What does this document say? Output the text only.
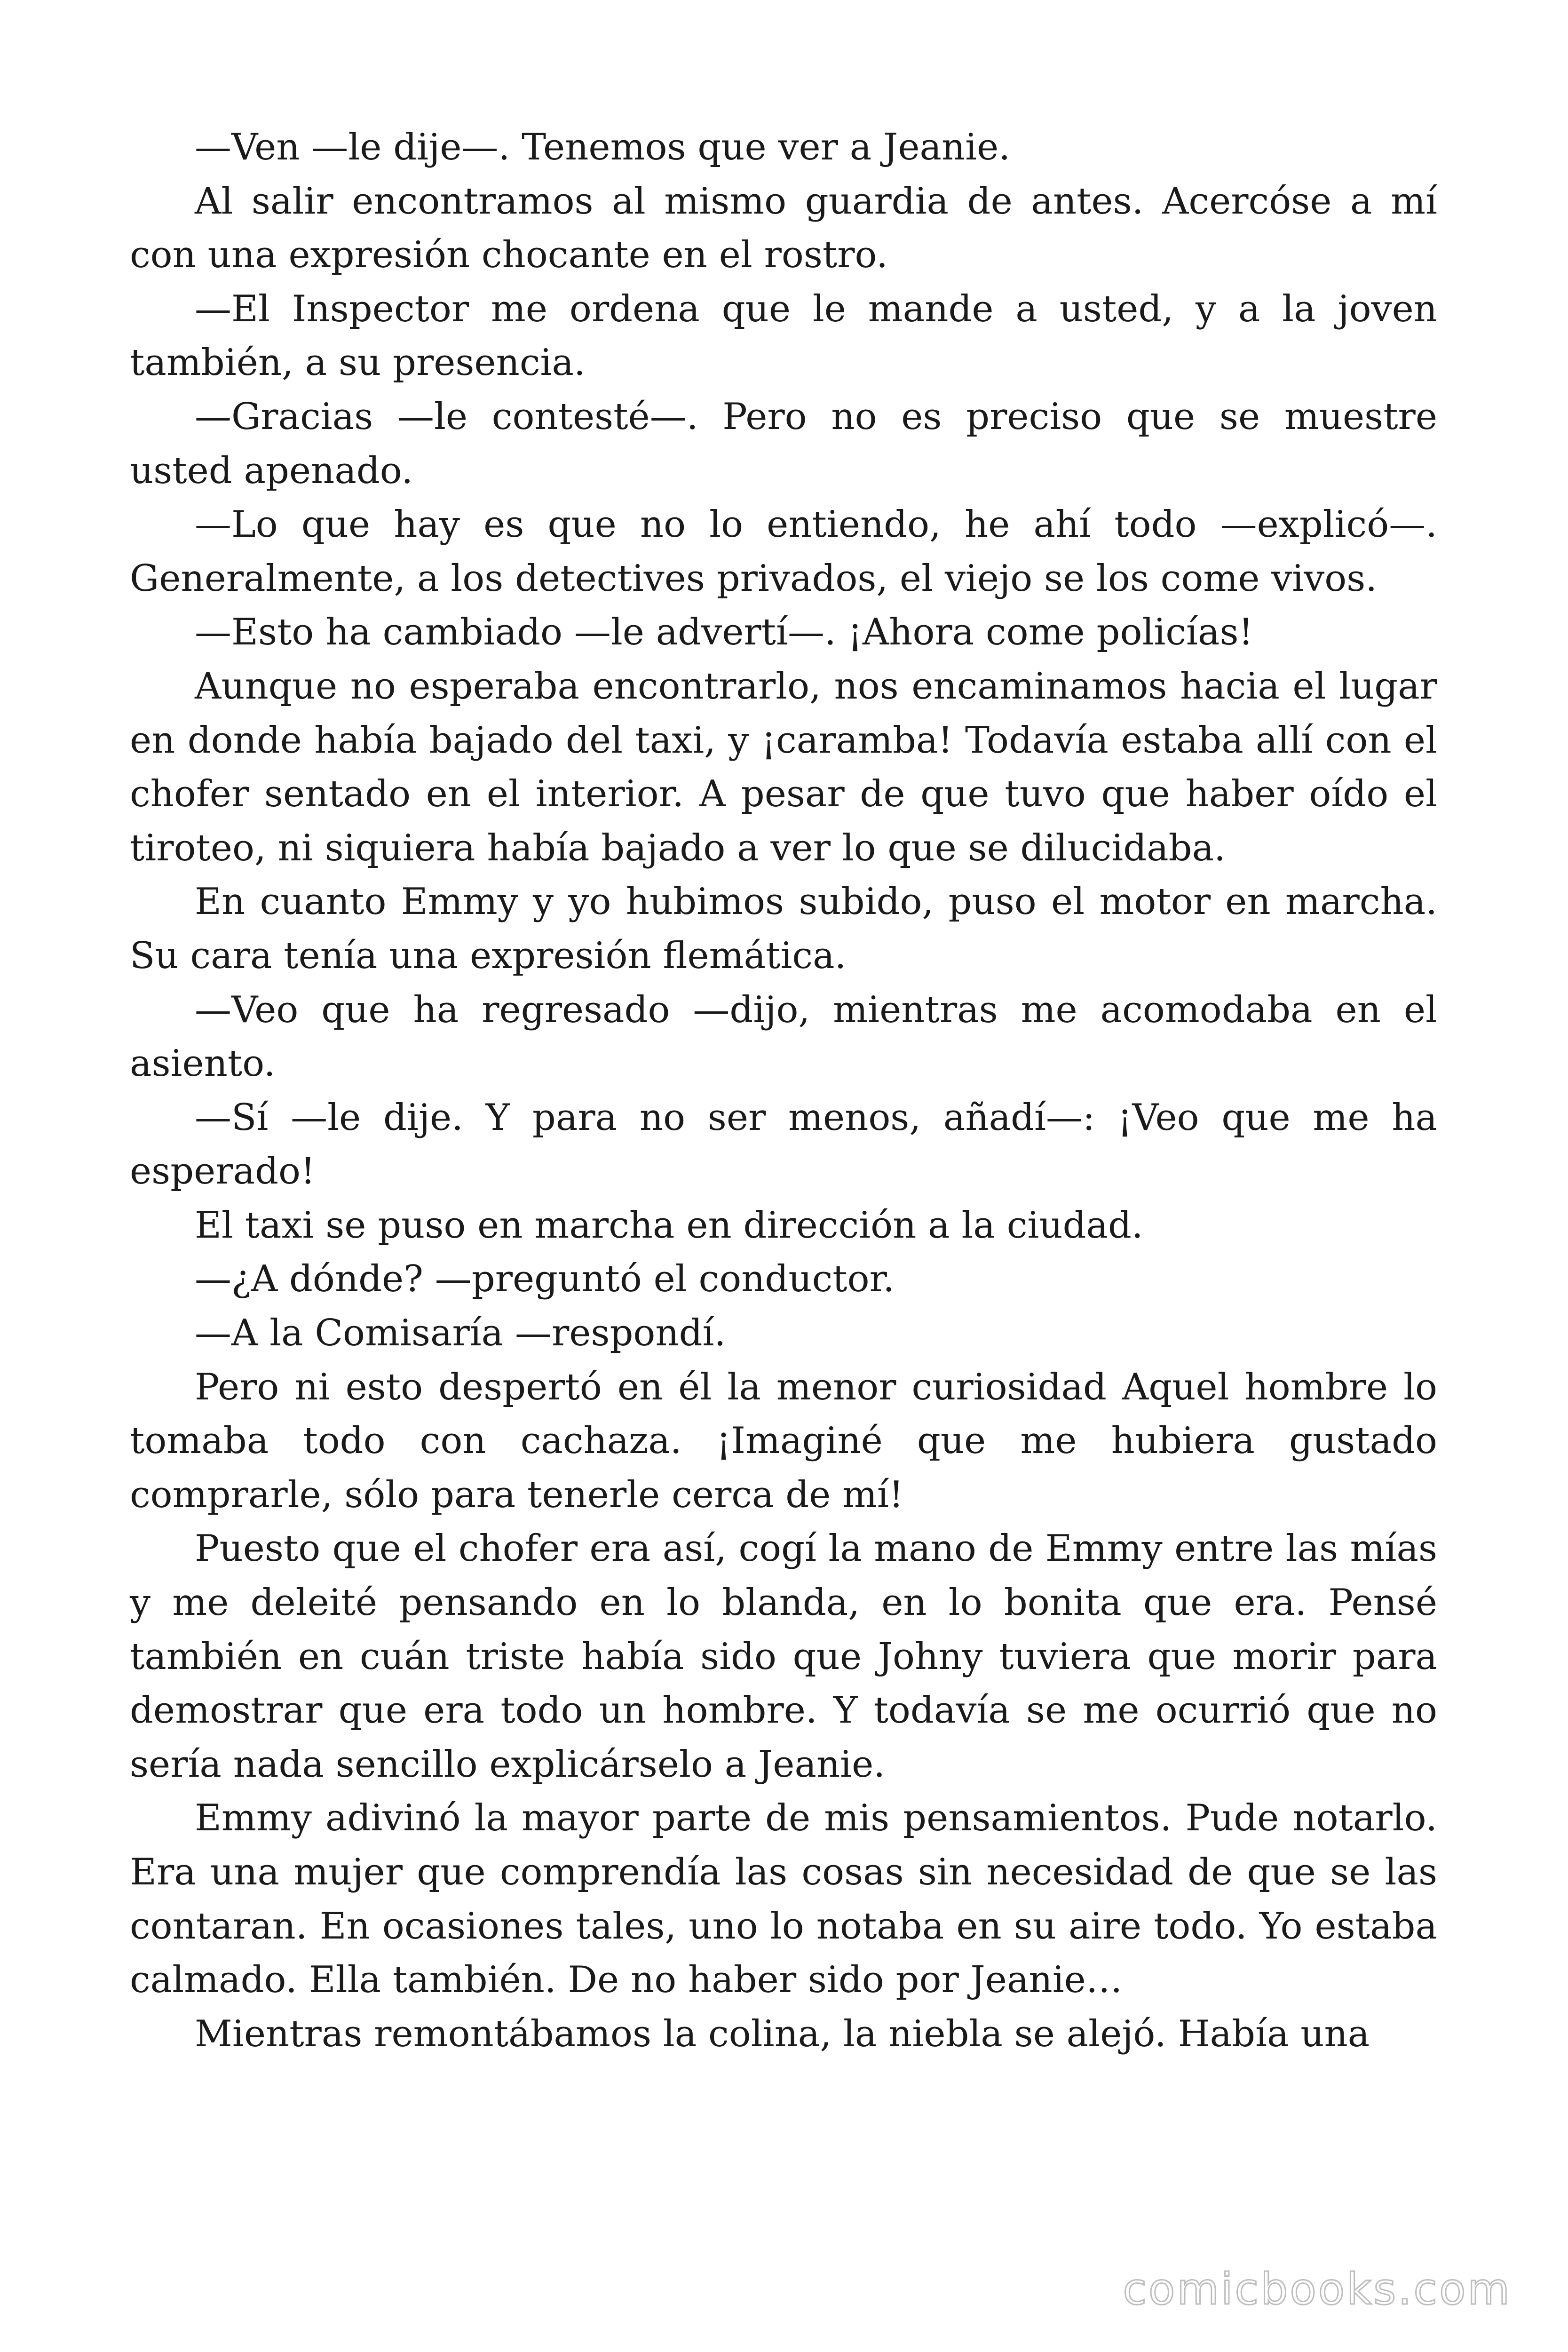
—Ven —le dije—. Tenemos que ver a Jeanie.

Al salir encontramos al mismo guardia de antes. Acercóse a mí con una expresión chocante en el rostro.

—El Inspector me ordena que le mande a usted, y a la joven también, a su presencia.

—Gracias —le contesté—. Pero no es preciso que se muestre usted apenado.

—Lo que hay es que no lo entiendo, he ahí todo —explicó—. Generalmente, a los detectives privados, el viejo se los come vivos.

—Esto ha cambiado —le advertí—. ¡Ahora come policías!

Aunque no esperaba encontrarlo, nos encaminamos hacia el lugar en donde había bajado del taxi, y ¡caramba! Todavía estaba allí con el chofer sentado en el interior. A pesar de que tuvo que haber oído el tiroteo, ni siquiera había bajado a ver lo que se dilucidaba.

En cuanto Emmy y yo hubimos subido, puso el motor en marcha. Su cara tenía una expresión flemática.

—Veo que ha regresado —dijo, mientras me acomodaba en el asiento.

—Sí —le dije. Y para no ser menos, añadí—: ¡Veo que me ha esperado!

El taxi se puso en marcha en dirección a la ciudad.

—¿A dónde? —preguntó el conductor.

—A la Comisaría —respondí.

Pero ni esto despertó en él la menor curiosidad Aquel hombre lo tomaba todo con cachaza. ¡Imaginé que me hubiera gustado comprarle, sólo para tenerle cerca de mí!

Puesto que el chofer era así, cogí la mano de Emmy entre las mías y me deleité pensando en lo blanda, en lo bonita que era. Pensé también en cuán triste había sido que Johny tuviera que morir para demostrar que era todo un hombre. Y todavía se me ocurrió que no sería nada sencillo explicárselo a Jeanie.

Emmy adivinó la mayor parte de mis pensamientos. Pude notarlo. Era una mujer que comprendía las cosas sin necesidad de que se las contaran. En ocasiones tales, uno lo notaba en su aire todo. Yo estaba calmado. Ella también. De no haber sido por Jeanie…

Mientras remontábamos la colina, la niebla se alejó. Había una

comicbooks.com
